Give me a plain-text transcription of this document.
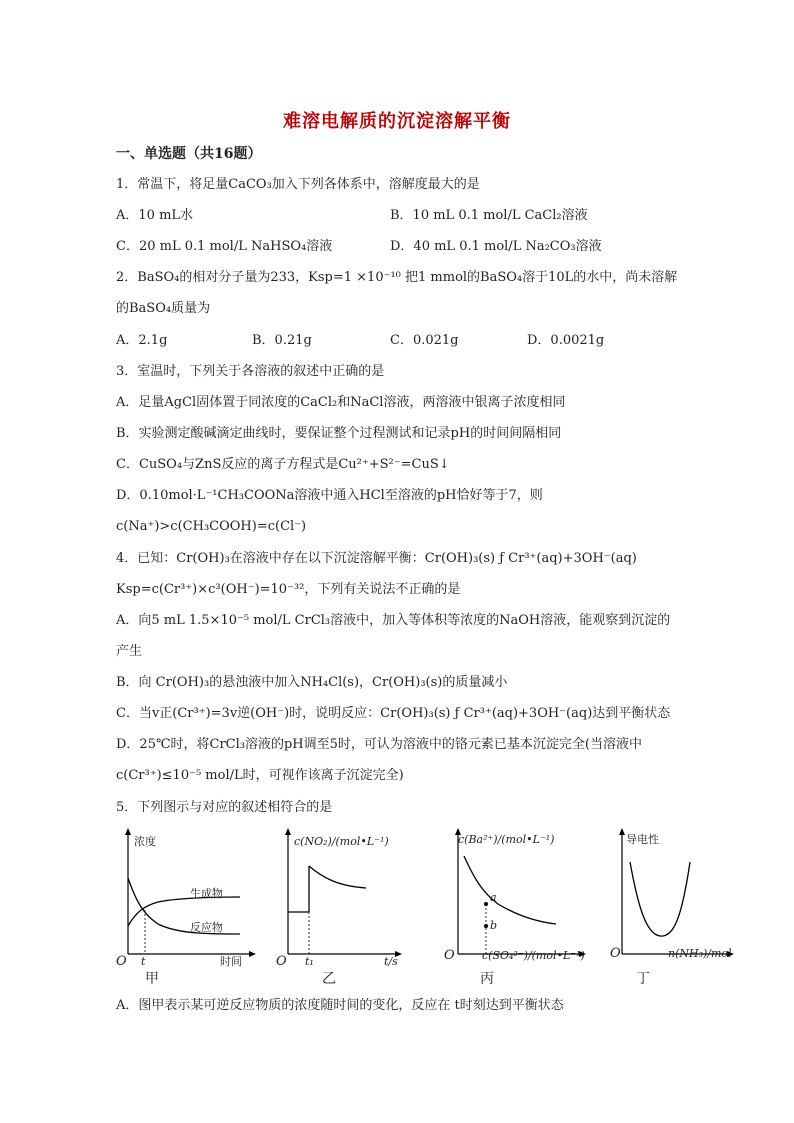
难溶电解质的沉淀溶解平衡
一、单选题（共16题）
1．常温下，将足量CaCO₃加入下列各体系中，溶解度最大的是
A．10 mL水	B．10 mL 0.1 mol/L CaCl₂溶液
C．20 mL 0.1 mol/L NaHSO₄溶液	D．40 mL 0.1 mol/L Na₂CO₃溶液
2．BaSO₄的相对分子量为233，Ksp=1 ×10⁻¹⁰ 把1 mmol的BaSO₄溶于10L的水中，尚未溶解
的BaSO₄质量为
A．2.1g	B．0.21g	C．0.021g	D．0.0021g
3．室温时，下列关于各溶液的叙述中正确的是
A．足量AgCl固体置于同浓度的CaCl₂和NaCl溶液，两溶液中银离子浓度相同
B．实验测定酸碱滴定曲线时，要保证整个过程测试和记录pH的时间间隔相同
C．CuSO₄与ZnS反应的离子方程式是Cu²⁺+S²⁻=CuS↓
D．0.10mol·L⁻¹CH₃COONa溶液中通入HCl至溶液的pH恰好等于7，则
c(Na⁺)>c(CH₃COOH)=c(Cl⁻)
4．已知：Cr(OH)₃在溶液中存在以下沉淀溶解平衡：Cr(OH)₃(s) ƒ Cr³⁺(aq)+3OH⁻(aq)
Ksp=c(Cr³⁺)×c³(OH⁻)=10⁻³²，下列有关说法不正确的是
A．向5 mL 1.5×10⁻⁵ mol/L CrCl₃溶液中，加入等体积等浓度的NaOH溶液，能观察到沉淀的
产生
B．向 Cr(OH)₃的悬浊液中加入NH₄Cl(s)，Cr(OH)₃(s)的质量减小
C．当v正(Cr³⁺)=3v逆(OH⁻)时，说明反应：Cr(OH)₃(s) ƒ Cr³⁺(aq)+3OH⁻(aq)达到平衡状态
D．25℃时，将CrCl₃溶液的pH调至5时，可认为溶液中的铬元素已基本沉淀完全(当溶液中
c(Cr³⁺)≤10⁻⁵ mol/L时，可视作该离子沉淀完全)
5．下列图示与对应的叙述相符合的是
浓度
生成物
反应物
O t	时间
甲
c(NO₂)/(mol•L⁻¹)
O t₁	t/s
乙
c(Ba²⁺)/(mol•L⁻¹)
a
b
O c(SO₄²⁻)/(mol•L⁻¹)
丙
导电性
O	n(NH₃)/mol
丁
A．图甲表示某可逆反应物质的浓度随时间的变化，反应在 t时刻达到平衡状态
